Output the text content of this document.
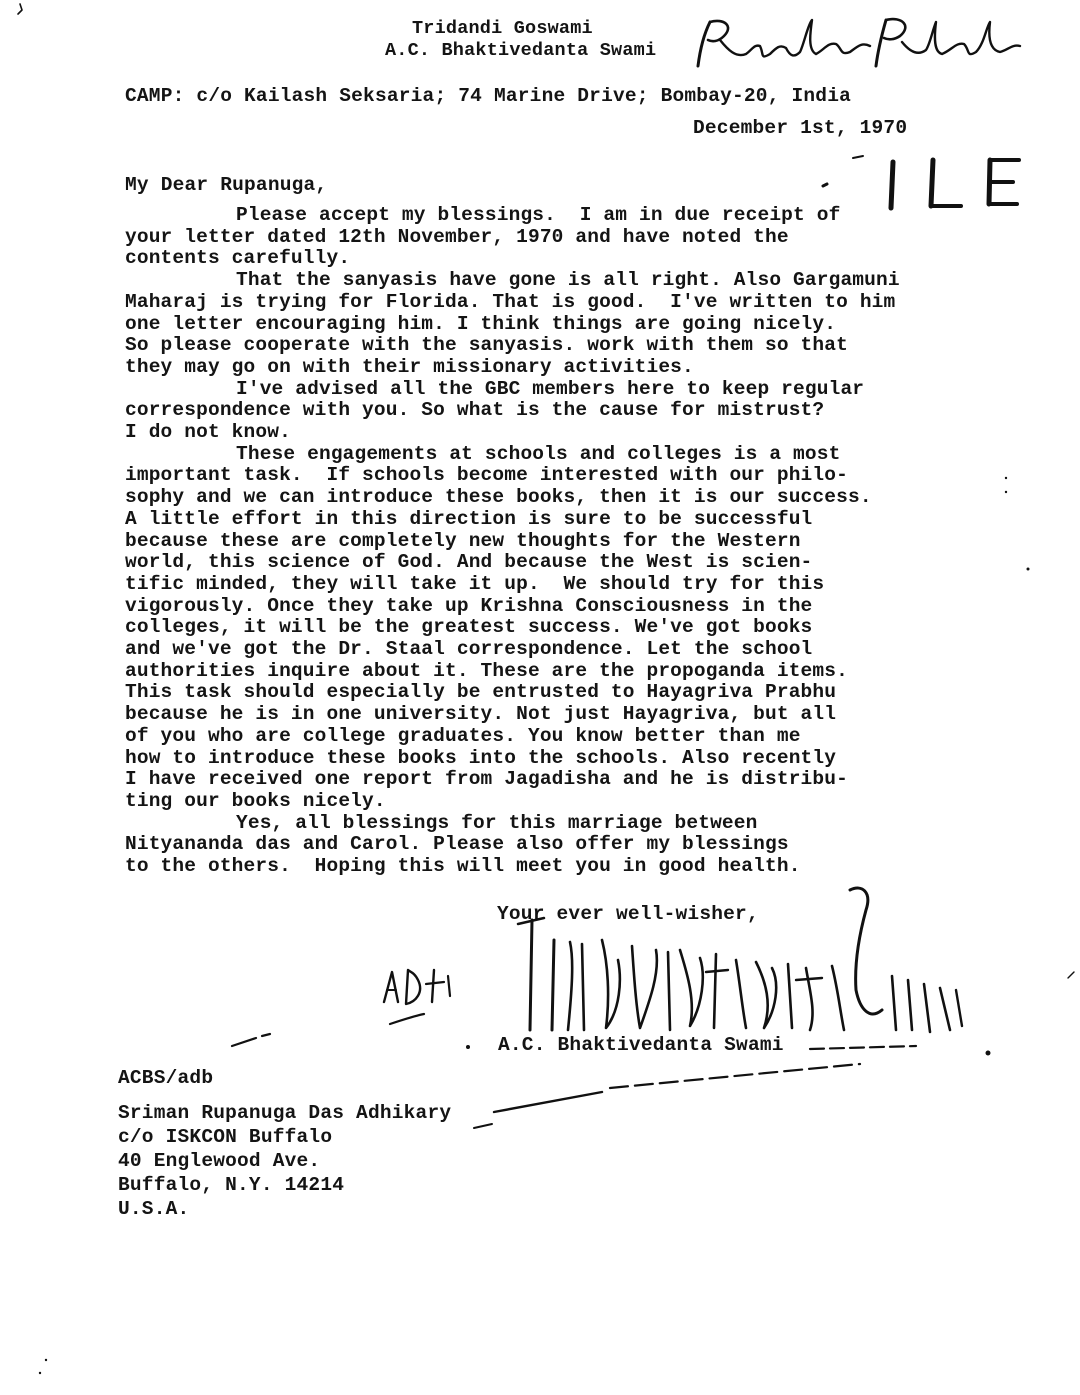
Tridandi Goswami
A.C. Bhaktivedanta Swami
CAMP: c/o Kailash Seksaria; 74 Marine Drive; Bombay-20, India
December 1st, 1970
My Dear Rupanuga,
Please accept my blessings.  I am in due receipt of
your letter dated 12th November, 1970 and have noted the
contents carefully.
That the sanyasis have gone is all right. Also Gargamuni
Maharaj is trying for Florida. That is good.  I've written to him
one letter encouraging him. I think things are going nicely.
So please cooperate with the sanyasis. work with them so that
they may go on with their missionary activities.
I've advised all the GBC members here to keep regular
correspondence with you. So what is the cause for mistrust?
I do not know.
These engagements at schools and colleges is a most
important task.  If schools become interested with our philo-
sophy and we can introduce these books, then it is our success.
A little effort in this direction is sure to be successful
because these are completely new thoughts for the Western
world, this science of God. And because the West is scien-
tific minded, they will take it up.  We should try for this
vigorously. Once they take up Krishna Consciousness in the
colleges, it will be the greatest success. We've got books
and we've got the Dr. Staal correspondence. Let the school
authorities inquire about it. These are the propoganda items.
This task should especially be entrusted to Hayagriva Prabhu
because he is in one university. Not just Hayagriva, but all
of you who are college graduates. You know better than me
how to introduce these books into the schools. Also recently
I have received one report from Jagadisha and he is distribu-
ting our books nicely.
Yes, all blessings for this marriage between
Nityananda das and Carol. Please also offer my blessings
to the others.  Hoping this will meet you in good health.
Your ever well-wisher,
A.C. Bhaktivedanta Swami
ACBS/adb
Sriman Rupanuga Das Adhikary
c/o ISKCON Buffalo
40 Englewood Ave.
Buffalo, N.Y. 14214
U.S.A.
